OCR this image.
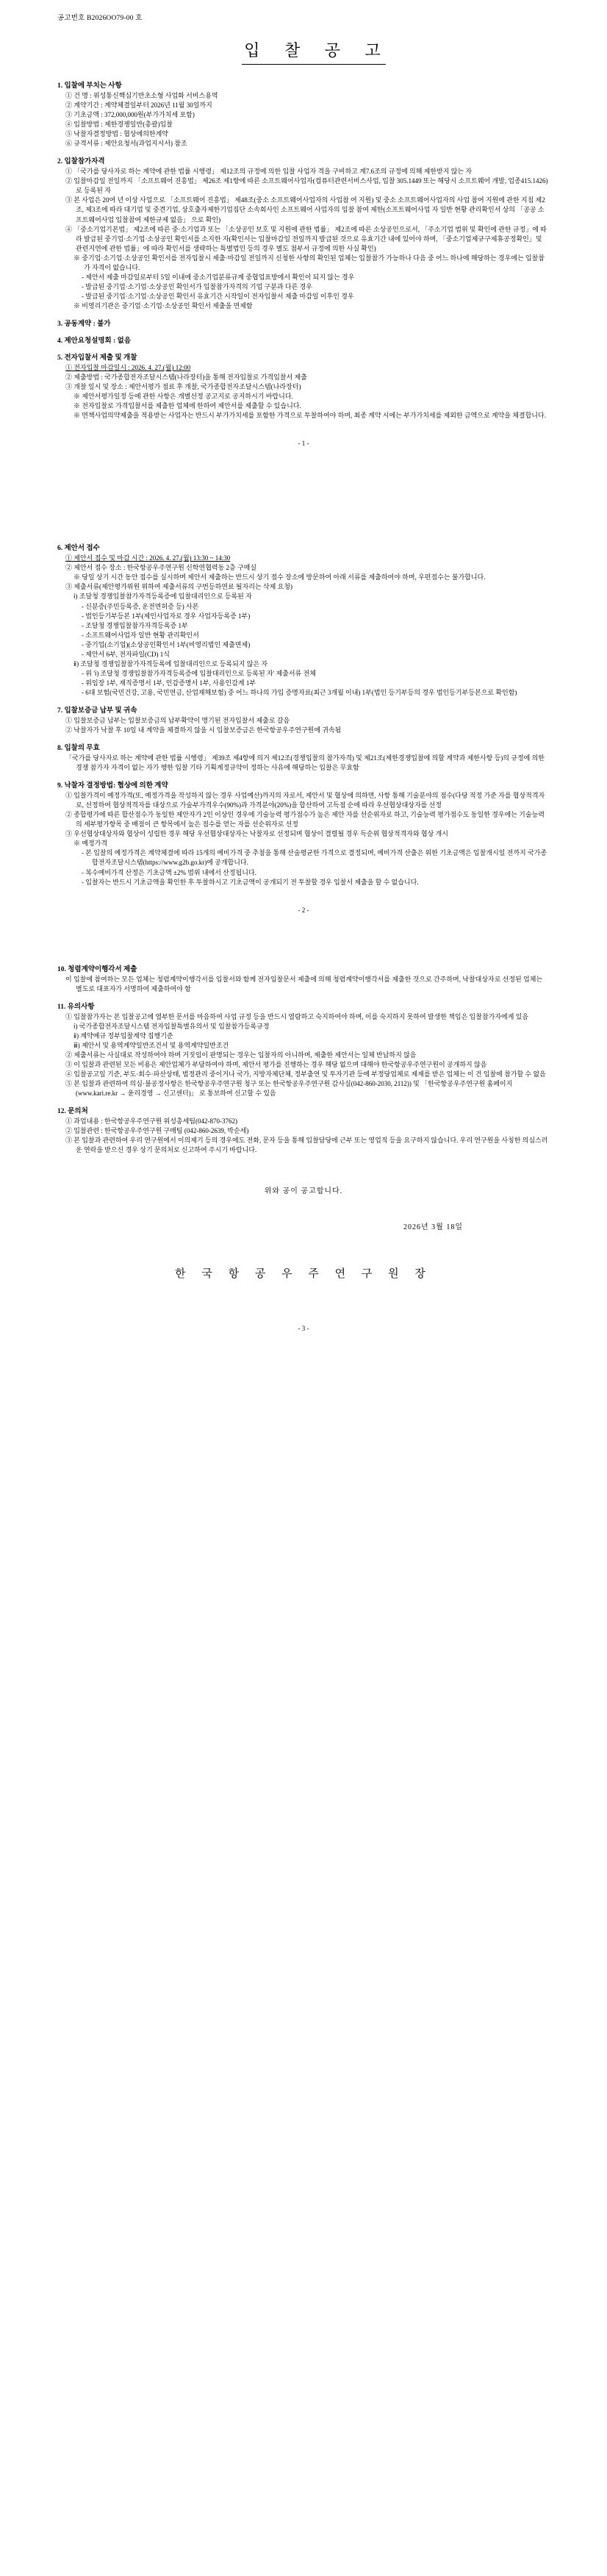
공고번호 B2026OO79-00 호
입 찰 공 고
1. 입찰에 부치는 사항
① 건 명 : 위성통신핵심기반초소형 사업화 서비스용역
② 계약기간 : 계약체결일부터 2026년 11월 30일까지
③ 기초금액 : 372,000,000원(부가가치세 포함)
④ 입찰방법 : 제한경쟁일반(총괄)입찰
⑤ 낙찰자결정방법 : 협상에의한계약
⑥ 규격서류 : 제안요청서(과업지시서) 참조
2. 입찰참가자격
① 「국가를 당사자로 하는 계약에 관한 법률 시행령」 제12조의 규정에 의한 입찰 사업자 격을 구비하고 계7.6조의 규정에 의해 제한받지 않는 자
② 입찰마감일 전일까지 「소프트웨어 진흥법」 제26조 제1항에 따른 소프트웨어사업자(컴퓨터관련서비스사업, 입찰 305.1449 또는 해당시 소프트웨어 개발, 업종415.1426)로 등록된 자
③ 본 사업은 20여 년 이상 사업으로 「소프트웨어 진흥법」 제48조(중소 소프트웨어사업자의 사업참 여 지원) 및 중소 소프트웨어사업자의 사업 참여 지원에 관한 지침 제2조, 제3조에 따라 대기업 및 중견기업, 상호출자제한기업집단 소속회사인 소프트웨어 사업자의 입찰 참여 제한(소프트웨어사업 자 일반 현황 관리확인서 상의 「공공 소프트웨어사업 입찰참여 제한규제 없음」 으로 확인)
④ 「중소기업기본법」 제2조에 따른 중·소기업과 또는 「소상공인 보호 및 지원에 관한 법률」 제2조에 따른 소상공인으로서, 「주소기업 범위 및 확인에 관한 규정」에 따라 발급된 중기업·소기업·소상공인 확인서를 소지한 자(확인서는 입찰마감일 전일까지 발급된 것으로 유효기간 내에 있어야 하며, 「중소기업제규구제휴공정확인」및 관련지연에 관한 법률」에 따라 확인서를 생략하는 특별법인 등의 경우 별도 첨부서 규정에 의한 사실 확인)
※ 중기업·소기업·소상공인 확인서를 전자입찰시 제출·마감일 전일까지 신청한 사항의 확인된 업체는 입찰참가 가능하나 다음 중 어느 하나에 해당하는 경우에는 입찰참가 자격이 없습니다.
- 제안서 제출 마감일로부터 5일 이내에 중소기업분류규계 중협업표방에서 확인이 되지 않는 경우
- 발급된 중기업·소기업·소상공인 확인서가 입찰참가자격의 기업 구분과 다른 경우
- 발급된 중기업·소기업·소상공인 확인서 유효기간 시작일이 전자입찰서 제출 마감일 이후인 경우
※ 비영리기관은 중기업·소기업·소상공인 확인서 제출을 면제함
3. 공동계약 : 불가
4. 제안요청설명회 : 없음
5. 전자입찰서 제출 및 개찰
① 전자입찰 마감일시 : 2026. 4. 27.(월) 12:00
② 제출방법 : 국가종합전자조달시스템(나라장터)을 통해 전자입찰로 가격입찰서 제출
③ 개찰 일시 및 장소 : 제안서평가 점료 후 개찰, 국가종합전자조달시스템(나라장터)
※ 제안서평가일정 등에 관한 사항은 개별선정 공고지로 공지하시기 바랍니다.
※ 전자입찰로 가격입찰서를 제출한 업체에 한하여 제안서를 제출할 수 있습니다.
※ 면책사업의약제출을 적용받는 사업자는 반드시 부가가치세를 포함한 가격으로 투찰하여야 하며, 최종 계약 시에는 부가가치세를 제외한 금액으로 계약을 체결합니다.
- 1 -
6. 제안서 접수
① 제안서 접수 및 마감 시간 : 2026. 4. 27.(월) 13:30 ~ 14:30
② 제안서 접수 장소 : 한국항공우주연구원 신학연협력동 2층 구매실
※ 당일 상기 시간 동안 접수를 실시하며 제안서 제출하는 반드시 상기 접수 장소에 방문하여 아래 서류를 제출하여야 하며, 우편접수는 불가합니다.
③ 제출서류(제안평가위원 위하여 제출서류의 구번등하연료 될자리는 삭제 요청)
ⅰ) 조달청 경쟁입찰참가자격등록증에 입찰대리인으로 등록된 자
- 신분증(주민등록증, 운전면허증 등) 사본
- 법인등기부등본 1부(제인사업자로 경우 사업자등록증 1부)
- 조달청 경쟁입찰참가자격등록증 1부
- 소프트웨어사업자 일반 현황 관리확인서
- 중기업(소기업)(소상공인확인서 1부(비영리법인 제출면제)
- 제안서 6부, 전자파일(CD) 1식
ⅱ) 조달청 경쟁입찰참가자격등록에 입찰대리인으로 등록되지 않은 자
- 위 'ⅰ) 조달청 경쟁입찰참가자격등록증에 입찰대리인으로 등록된 자' 제출서류 전체
- 위임장 1부, 재직증명서 1부, 인감증명서 1부, 사용인감계 1부
- 6대 보험(국민건강, 고용, 국민연금, 산업재해보험) 중 어느 하나의 가입 증명자료(최근 3개월 이내) 1부(법인 등기부등의 경우 법인등기부등본으로 확인함)
7. 입찰보증금 납부 및 귀속
① 입찰보증금 납부는 입찰보증금의 납부확약이 명기된 전자입찰서 제출로 갈음
② 낙찰자가 낙찰 후 10일 내 계약을 체결하지 않을 시 입찰보증금은 한국항공우주연구원에 귀속됨
8. 입찰의 무효
「국가를 당사자로 하는 계약에 관한 법률 시행령」 제39조 제4항에 의거 제12조(경쟁입찰의 참가자격) 및 제21조(제한경쟁입찰에 의할 계약과 제한사항 등)의 규정에 의한 경쟁 참가자 자격이 없는 자가 행한 입찰 기타 기획계정규약이 정하는 사유에 해당하는 입찰은 무효함
9. 낙찰자 결정방법: 협상에 의한 계약
① 입찰가격이 예정가격(또, 예정가격을 작성하지 않는 경우 사업예산)까지의 자로서, 제안서 및 협상에 의하면, 사항 통해 기술분야의 점수(다당 적정 가준 자를 협상적격자로, 선정하여 협상적격자를 대상으로 가술부가격우수(90%)과 가격분야(20%)을 합산하여 고득점 순에 따라 우선협상대상자를 선정
② 종합평가에 따른 합산점수가 동일한 제안자가 2인 이상인 경우에 기술능력 평가점수가 높은 제안 자를 선순위자로 하고, 기술능력 평가점수도 동일한 경우에는 기술능력의 세부평가항목 중 배점이 큰 항목에서 높은 점수를 얻는 자를 선순위자로 선정
③ 우선협상대상자와 협상이 성립한 경우 해당 우선협상대상자는 낙찰자로 선정되며 협상이 결렬될 경우 득순위 협상적격자와 협상 개시
※ 예정가격
- 본 입찰의 예정가격은 계약체결에 따라 15개의 예비가격 중 추첨을 통해 산술평균한 가격으로 결정되며, 예비가격 산출은 위한 기초금액은 입찰개시일 전까지 국가종합전자조달시스템(https://www.g2b.go.kr)에 공개합니다.
- 복수예비가격 산정은 기초금액 ±2% 범위 내에서 산정됩니다.
- 입찰자는 반드시 기초금액을 확인한 후 투찰하시고 기초금액이 공개되기 전 투찰할 경우 입찰서 제출을 할 수 없습니다.
- 2 -
10. 청렴계약이행각서 제출
이 입찰에 참여하는 모든 업체는 청렴계약이행각서를 입찰서와 함께 전자입찰문서 제출에 의해 청렴계약이행각서를 제출한 것으로 간주하며, 낙찰대상자로 선정된 업체는 별도로 대표자가 서명하여 제출하여야 함
11. 유의사항
① 입찰참가자는 본 입찰공고에 열부한 문서를 마음하여 사업 규정 등을 반드시 열람하고 숙지하여야 하며, 이를 숙지하지 못하여 발생한 책임은 입찰참가자에게 있음
ⅰ) 국가종합전자조달시스템 전자입찰특별유의서 및 입찰참가등록규정
ⅱ) 계약예규 정부입찰계약 집행기준
ⅲ) 제안서 및 용역계약일반조건서 및 용역계약일반조건
② 제출서류는 사실대로 작성하여야 하며 거짓임이 판명되는 경우는 입찰자의 아니하며, 제출한 제안서는 일체 반납하지 않음
③ 이 입찰과 관련된 모든 비용은 제안업체가 부담하여야 하며, 제안서 평가를 진행하는 경우 해당 없으며 대해야 한국항공우주연구원이 공개하지 않음
④ 입찰공고일 기준, 부도·회수·파산상태, 법정관리 중이거나 국가, 지방자체단체, 정부출연 및 투자기관 등에 부정당업체로 제재를 받은 업체는 이 건 입찰에 참가할 수 없음
⑤ 본 입찰과 관련하여 의심·불공정사항은 한국항공우주연구원 청구 또는 한국항공우주연구원 감사실(042-860-2030, 2112)) 및 「한국항공우주연구원 홈페이지(www.kari.re.kr → 윤리경영 → 신고센터)」 로 통보하여 신고할 수 있음
12. 문의처
① 과업내용 : 한국항공우주연구원 위성총세팀(042-870-3762)
② 입찰관련 : 한국항공우주연구원 구매팀 (042-860-2639, 박순세)
③ 본 입찰과 관련하여 우리 연구원에서 이의제기 등의 경우에도 전화, 문자 등을 통해 입찰담당에 근부 또는 영업직 등을 요구하지 않습니다. 우리 연구원을 사칭한 의심스러운 연락을 받으신 경우 상기 문의처로 신고하여 주시기 바랍니다.
위와 공이 공고합니다.
2026년 3월 18일
한 국 항 공 우 주 연 구 원 장
- 3 -
